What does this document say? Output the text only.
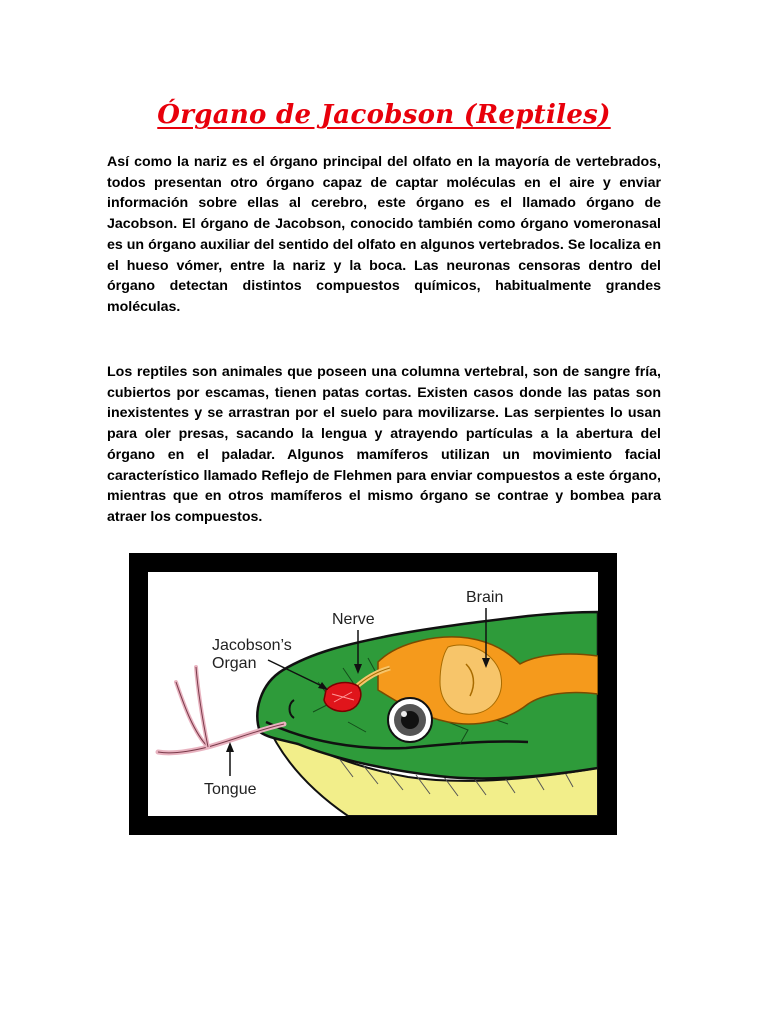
Órgano de Jacobson (Reptiles)

Así como la nariz es el órgano principal del olfato en la mayoría de vertebrados, todos presentan otro órgano capaz de captar moléculas en el aire y enviar información sobre ellas al cerebro, este órgano es el llamado órgano de Jacobson. El órgano de Jacobson, conocido también como órgano vomeronasal es un órgano auxiliar del sentido del olfato en algunos vertebrados. Se localiza en el hueso vómer, entre la nariz y la boca. Las neuronas censoras dentro del órgano detectan distintos compuestos químicos, habitualmente grandes moléculas.

Los reptiles son animales que poseen una columna vertebral, son de sangre fría, cubiertos por escamas, tienen patas cortas. Existen casos donde las patas son inexistentes y se arrastran por el suelo para movilizarse. Las serpientes lo usan para oler presas, sacando la lengua y atrayendo partículas a la abertura del órgano en el paladar. Algunos mamíferos utilizan un movimiento facial característico llamado Reflejo de Flehmen para enviar compuestos a este órgano, mientras que en otros mamíferos el mismo órgano se contrae y bombea para atraer los compuestos.

Brain
Nerve
Jacobson’s
Organ
Tongue
